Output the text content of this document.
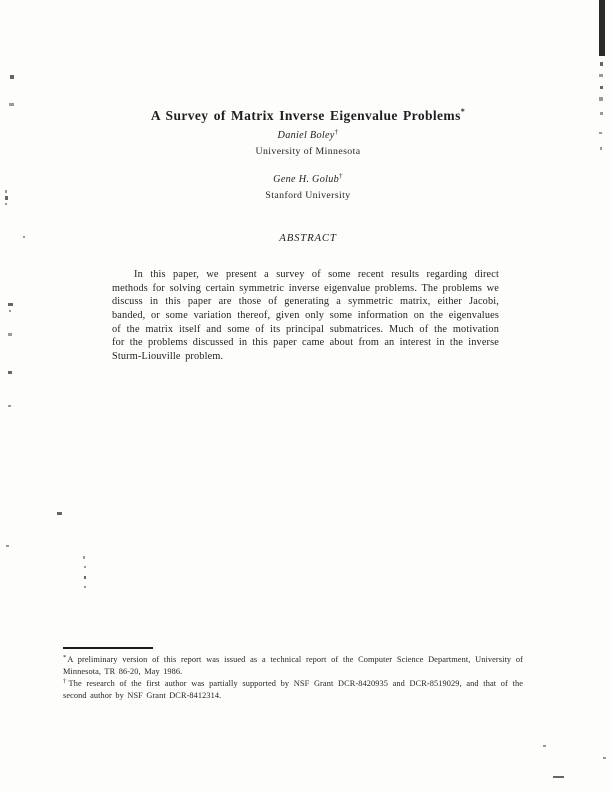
A Survey of Matrix Inverse Eigenvalue Problems*
Daniel Boley†
University of Minnesota
Gene H. Golub†
Stanford University
ABSTRACT

In this paper, we present a survey of some recent results regarding direct methods for solving certain symmetric inverse eigenvalue problems. The problems we discuss in this paper are those of generating a symmetric matrix, either Jacobi, banded, or some variation thereof, given only some information on the eigenvalues of the matrix itself and some of its principal submatrices. Much of the motivation for the problems discussed in this paper came about from an interest in the inverse Sturm-Liouville problem.

*A preliminary version of this report was issued as a technical report of the Computer Science Department, University of Minnesota, TR 86-20, May 1986.

†The research of the first author was partially supported by NSF Grant DCR-8420935 and DCR-8519029, and that of the second author by NSF Grant DCR-8412314.
